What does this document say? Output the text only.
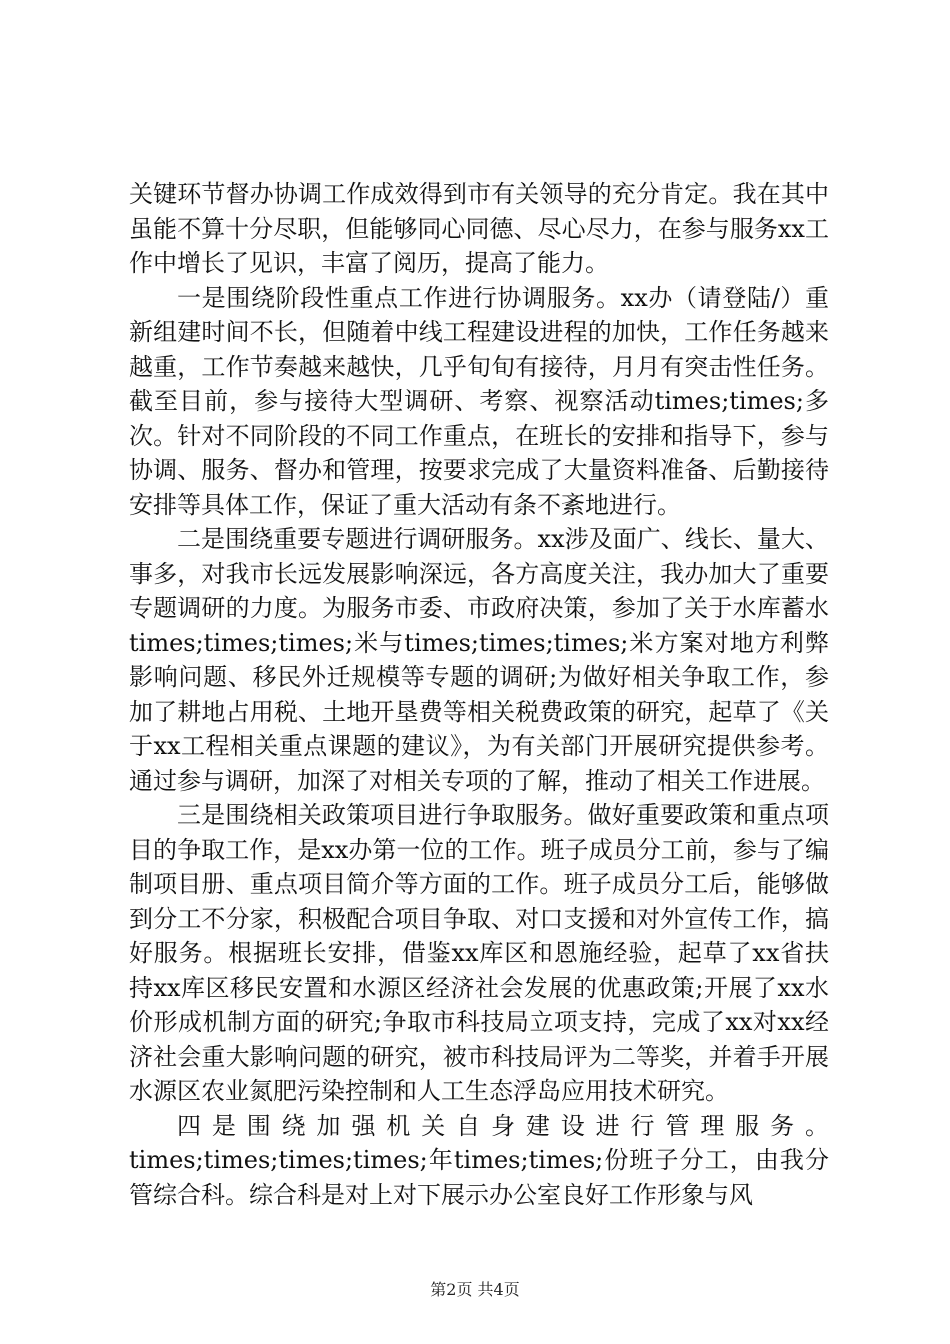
关键环节督办协调工作成效得到市有关领导的充分肯定。我在其中虽能不算十分尽职，但能够同心同德、尽心尽力，在参与服务xx工作中增长了见识，丰富了阅历，提高了能力。

一是围绕阶段性重点工作进行协调服务。xx办（请登陆/）重新组建时间不长，但随着中线工程建设进程的加快，工作任务越来越重，工作节奏越来越快，几乎旬旬有接待，月月有突击性任务。截至目前，参与接待大型调研、考察、视察活动times;times;多次。针对不同阶段的不同工作重点，在班长的安排和指导下，参与协调、服务、督办和管理，按要求完成了大量资料准备、后勤接待安排等具体工作，保证了重大活动有条不紊地进行。

二是围绕重要专题进行调研服务。xx涉及面广、线长、量大、事多，对我市长远发展影响深远，各方高度关注，我办加大了重要专题调研的力度。为服务市委、市政府决策，参加了关于水库蓄水times;times;times;米与times;times;times;米方案对地方利弊影响问题、移民外迁规模等专题的调研;为做好相关争取工作，参加了耕地占用税、土地开垦费等相关税费政策的研究，起草了《关于xx工程相关重点课题的建议》，为有关部门开展研究提供参考。通过参与调研，加深了对相关专项的了解，推动了相关工作进展。

三是围绕相关政策项目进行争取服务。做好重要政策和重点项目的争取工作，是xx办第一位的工作。班子成员分工前，参与了编制项目册、重点项目简介等方面的工作。班子成员分工后，能够做到分工不分家，积极配合项目争取、对口支援和对外宣传工作，搞好服务。根据班长安排，借鉴xx库区和恩施经验，起草了xx省扶持xx库区移民安置和水源区经济社会发展的优惠政策;开展了xx水价形成机制方面的研究;争取市科技局立项支持，完成了xx对xx经济社会重大影响问题的研究，被市科技局评为二等奖，并着手开展水源区农业氮肥污染控制和人工生态浮岛应用技术研究。

四是围绕加强机关自身建设进行管理服务。times;times;times;times;年times;times;份班子分工，由我分管综合科。综合科是对上对下展示办公室良好工作形象与风

第2页 共4页
